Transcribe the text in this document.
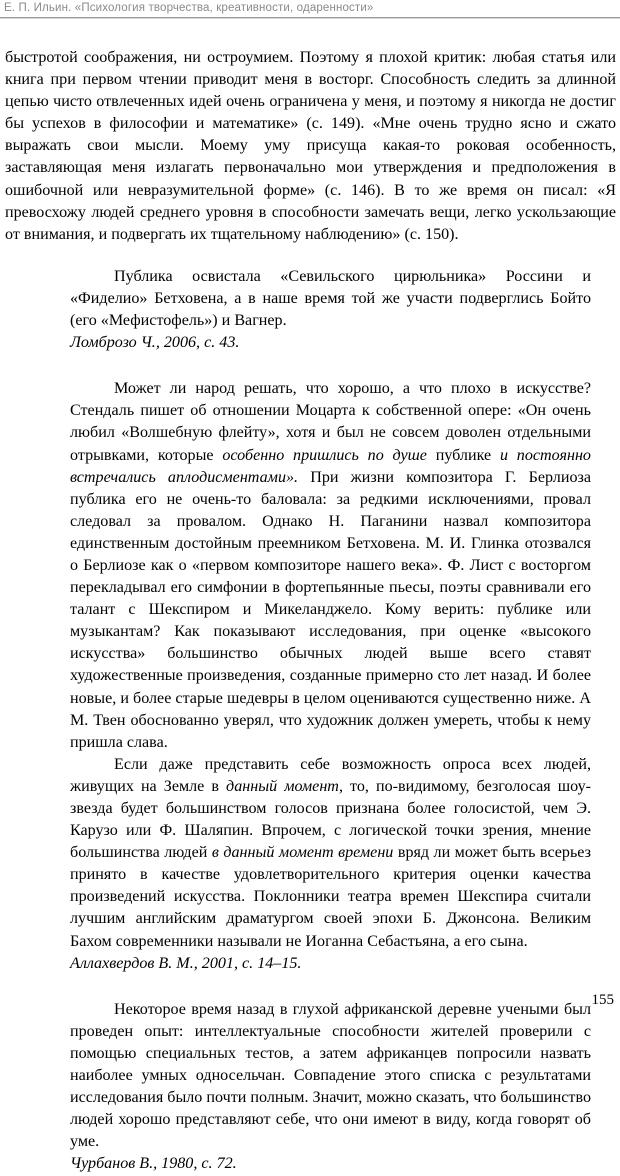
Е. П. Ильин. «Психология творчества, креативности, одаренности»

быстротой соображения, ни остроумием. Поэтому я плохой критик: любая статья или книга при первом чтении приводит меня в восторг. Способность следить за длинной цепью чисто отвлеченных идей очень ограничена у меня, и поэтому я никогда не достиг бы успехов в философии и математике» (с. 149). «Мне очень трудно ясно и сжато выражать свои мысли. Моему уму присуща какая-то роковая особенность, заставляющая меня излагать первоначально мои утверждения и предположения в ошибочной или невразумительной форме» (с. 146). В то же время он писал: «Я превосхожу людей среднего уровня в способности замечать вещи, легко ускользающие от внимания, и подвергать их тщательному наблюдению» (с. 150).

Публика освистала «Севильского цирюльника» Россини и «Фиделио» Бетховена, а в наше время той же участи подверглись Бойто (его «Мефистофель») и Вагнер.

Ломброзо Ч., 2006, с. 43.

Может ли народ решать, что хорошо, а что плохо в искусстве? Стендаль пишет об отношении Моцарта к собственной опере: «Он очень любил «Волшебную флейту», хотя и был не совсем доволен отдельными отрывками, которые особенно пришлись по душе публике и постоянно встречались аплодисментами». При жизни композитора Г. Берлиоза публика его не очень-то баловала: за редкими исключениями, провал следовал за провалом. Однако Н. Паганини назвал композитора единственным достойным преемником Бетховена. М. И. Глинка отозвался о Берлиозе как о «первом композиторе нашего века». Ф. Лист с восторгом перекладывал его симфонии в фортепьянные пьесы, поэты сравнивали его талант с Шекспиром и Микеланджело. Кому верить: публике или музыкантам? Как показывают исследования, при оценке «высокого искусства» большинство обычных людей выше всего ставят художественные произведения, созданные примерно сто лет назад. И более новые, и более старые шедевры в целом оцениваются существенно ниже. А М. Твен обоснованно уверял, что художник должен умереть, чтобы к нему пришла слава.

Если даже представить себе возможность опроса всех людей, живущих на Земле в данный момент, то, по-видимому, безголосая шоу-звезда будет большинством голосов признана более голосистой, чем Э. Карузо или Ф. Шаляпин. Впрочем, с логической точки зрения, мнение большинства людей в данный момент времени вряд ли может быть всерьез принято в качестве удовлетворительного критерия оценки качества произведений искусства. Поклонники театра времен Шекспира считали лучшим английским драматургом своей эпохи Б. Джонсона. Великим Бахом современники называли не Иоганна Себастьяна, а его сына.

Аллахвердов В. М., 2001, с. 14–15.

Некоторое время назад в глухой африканской деревне учеными был проведен опыт: интеллектуальные способности жителей проверили с помощью специальных тестов, а затем африканцев попросили назвать наиболее умных односельчан. Совпадение этого списка с результатами исследования было почти полным. Значит, можно сказать, что большинство людей хорошо представляют себе, что они имеют в виду, когда говорят об уме.

Чурбанов В., 1980, с. 72.

155
